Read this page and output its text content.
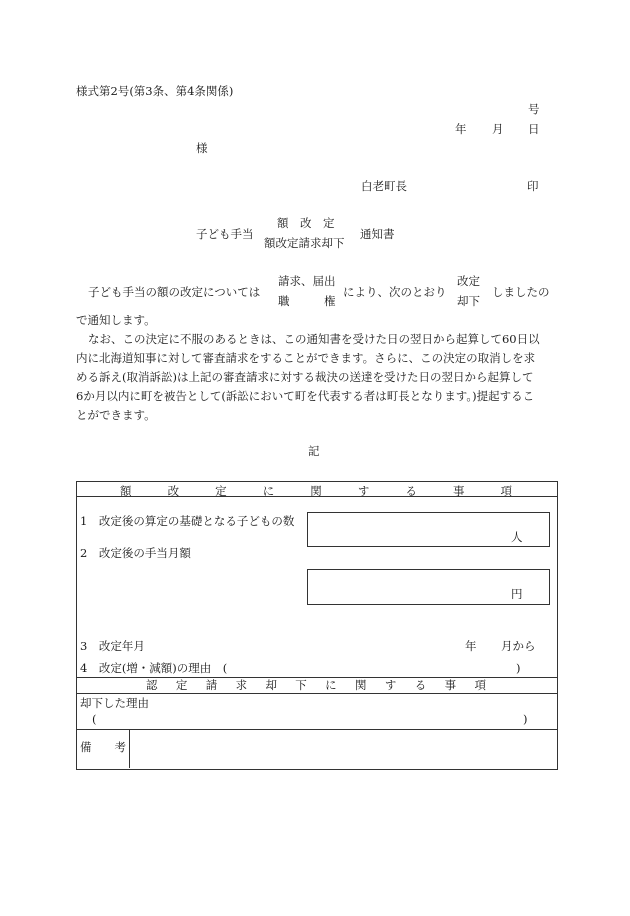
様式第2号(第3条、第4条関係)
号
年 月 日
様
白老町長	印
子ども手当
額　改　定
額改定請求却下
通知書
子ども手当の額の改定については
請求、届出
職　　　権
により、次のとおり
改定
却下
しましたの
で通知します。
なお、この決定に不服のあるときは、この通知書を受けた日の翌日から起算して60日以
内に北海道知事に対して審査請求をすることができます。さらに、この決定の取消しを求
める訴え(取消訴訟)は上記の審査請求に対する裁決の送達を受けた日の翌日から起算して
6か月以内に町を被告として(訴訟において町を代表する者は町長となります。)提起するこ
とができます。
記
額	改	定	に	関	す	る	事	項
1　改定後の算定の基礎となる子どもの数
人
2　改定後の手当月額
円
3　改定年月	年 月から
4　改定(増・減額)の理由　(	)
認 定 請 求 却 下 に 関 す る 事 項
却下した理由
(	)
備　　考
